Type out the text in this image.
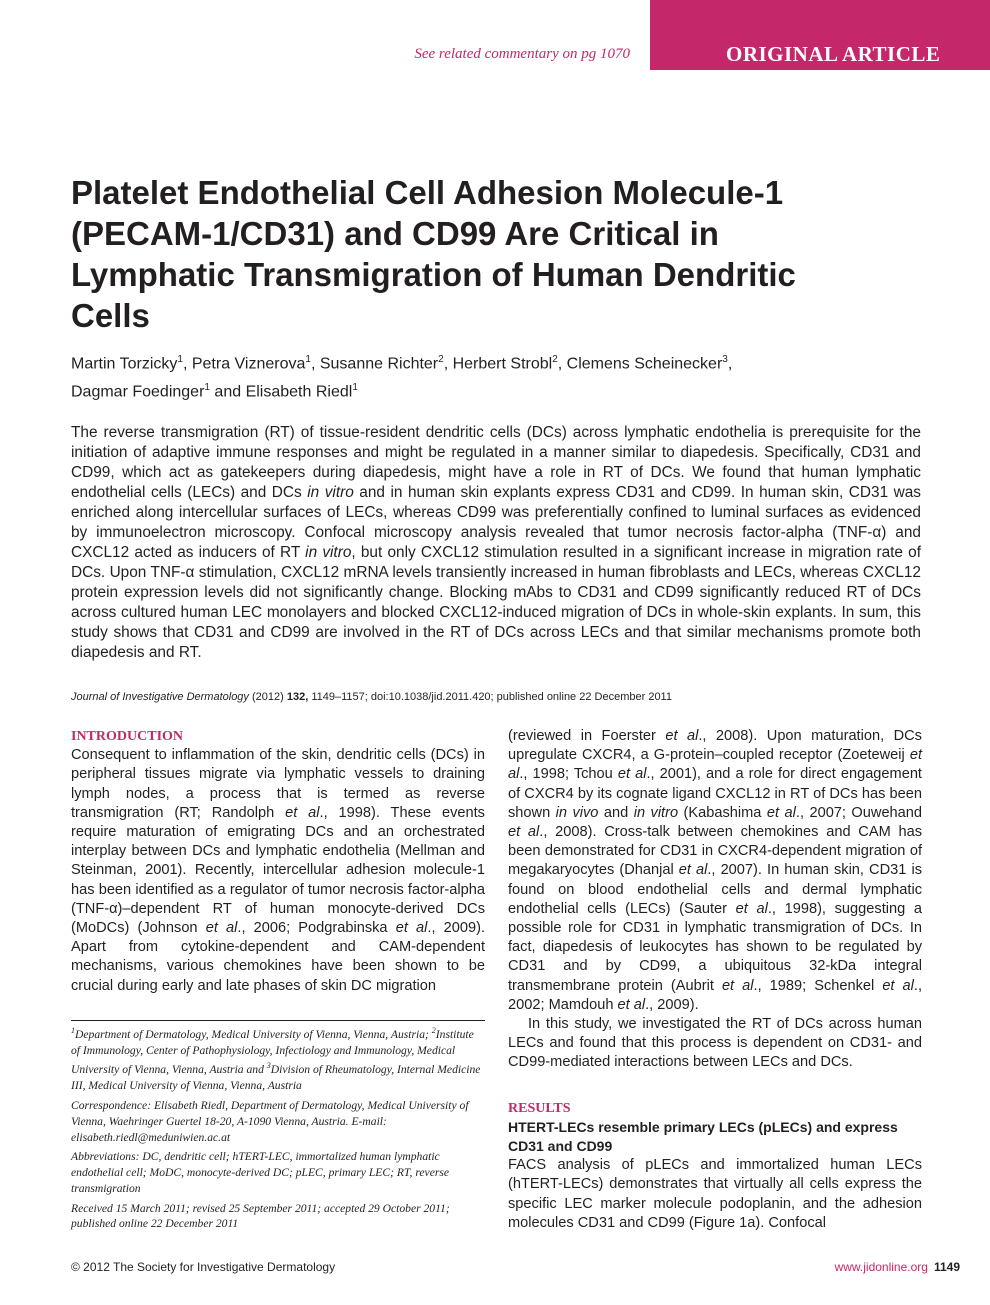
ORIGINAL ARTICLE
See related commentary on pg 1070
Platelet Endothelial Cell Adhesion Molecule-1 (PECAM-1/CD31) and CD99 Are Critical in Lymphatic Transmigration of Human Dendritic Cells
Martin Torzicky$^1$, Petra Viznerova$^1$, Susanne Richter$^2$, Herbert Strobl$^2$, Clemens Scheinecker$^3$,
Dagmar Foedinger$^1$ and Elisabeth Riedl$^1$
The reverse transmigration (RT) of tissue-resident dendritic cells (DCs) across lymphatic endothelia is prerequisite for the initiation of adaptive immune responses and might be regulated in a manner similar to diapedesis. Specifically, CD31 and CD99, which act as gatekeepers during diapedesis, might have a role in RT of DCs. We found that human lymphatic endothelial cells (LECs) and DCs in vitro and in human skin explants express CD31 and CD99. In human skin, CD31 was enriched along intercellular surfaces of LECs, whereas CD99 was preferentially confined to luminal surfaces as evidenced by immunoelectron microscopy. Confocal microscopy analysis revealed that tumor necrosis factor-alpha (TNF-α) and CXCL12 acted as inducers of RT in vitro, but only CXCL12 stimulation resulted in a significant increase in migration rate of DCs. Upon TNF-α stimulation, CXCL12 mRNA levels transiently increased in human fibroblasts and LECs, whereas CXCL12 protein expression levels did not significantly change. Blocking mAbs to CD31 and CD99 significantly reduced RT of DCs across cultured human LEC monolayers and blocked CXCL12-induced migration of DCs in whole-skin explants. In sum, this study shows that CD31 and CD99 are involved in the RT of DCs across LECs and that similar mechanisms promote both diapedesis and RT.
Journal of Investigative Dermatology (2012) 132, 1149–1157; doi:10.1038/jid.2011.420; published online 22 December 2011
INTRODUCTION

Consequent to inflammation of the skin, dendritic cells (DCs) in peripheral tissues migrate via lymphatic vessels to draining lymph nodes, a process that is termed as reverse transmigration (RT; Randolph et al., 1998). These events require maturation of emigrating DCs and an orchestrated interplay between DCs and lymphatic endothelia (Mellman and Steinman, 2001). Recently, intercellular adhesion molecule-1 has been identified as a regulator of tumor necrosis factor-alpha (TNF-α)–dependent RT of human monocyte-derived DCs (MoDCs) (Johnson et al., 2006; Podgrabinska et al., 2009). Apart from cytokine-dependent and CAM-dependent mechanisms, various chemokines have been shown to be crucial during early and late phases of skin DC migration

$^1$Department of Dermatology, Medical University of Vienna, Vienna, Austria; $^2$Institute of Immunology, Center of Pathophysiology, Infectiology and Immunology, Medical University of Vienna, Vienna, Austria and $^3$Division of Rheumatology, Internal Medicine III, Medical University of Vienna, Vienna, Austria

Correspondence: Elisabeth Riedl, Department of Dermatology, Medical University of Vienna, Waehringer Guertel 18-20, A-1090 Vienna, Austria. E-mail: elisabeth.riedl@meduniwien.ac.at

Abbreviations: DC, dendritic cell; hTERT-LEC, immortalized human lymphatic endothelial cell; MoDC, monocyte-derived DC; pLEC, primary LEC; RT, reverse transmigration

Received 15 March 2011; revised 25 September 2011; accepted 29 October 2011; published online 22 December 2011

(reviewed in Foerster et al., 2008). Upon maturation, DCs upregulate CXCR4, a G-protein–coupled receptor (Zoeteweij et al., 1998; Tchou et al., 2001), and a role for direct engagement of CXCR4 by its cognate ligand CXCL12 in RT of DCs has been shown in vivo and in vitro (Kabashima et al., 2007; Ouwehand et al., 2008). Cross-talk between chemokines and CAM has been demonstrated for CD31 in CXCR4-dependent migration of megakaryocytes (Dhanjal et al., 2007). In human skin, CD31 is found on blood endothelial cells and dermal lymphatic endothelial cells (LECs) (Sauter et al., 1998), suggesting a possible role for CD31 in lymphatic transmigration of DCs. In fact, diapedesis of leukocytes has shown to be regulated by CD31 and by CD99, a ubiquitous 32-kDa integral transmembrane protein (Aubrit et al., 1989; Schenkel et al., 2002; Mamdouh et al., 2009).

In this study, we investigated the RT of DCs across human LECs and found that this process is dependent on CD31- and CD99-mediated interactions between LECs and DCs.

RESULTS
HTERT-LECs resemble primary LECs (pLECs) and express CD31 and CD99

FACS analysis of pLECs and immortalized human LECs (hTERT-LECs) demonstrates that virtually all cells express the specific LEC marker molecule podoplanin, and the adhesion molecules CD31 and CD99 (Figure 1a). Confocal

© 2012 The Society for Investigative Dermatology	www.jidonline.org 1149
